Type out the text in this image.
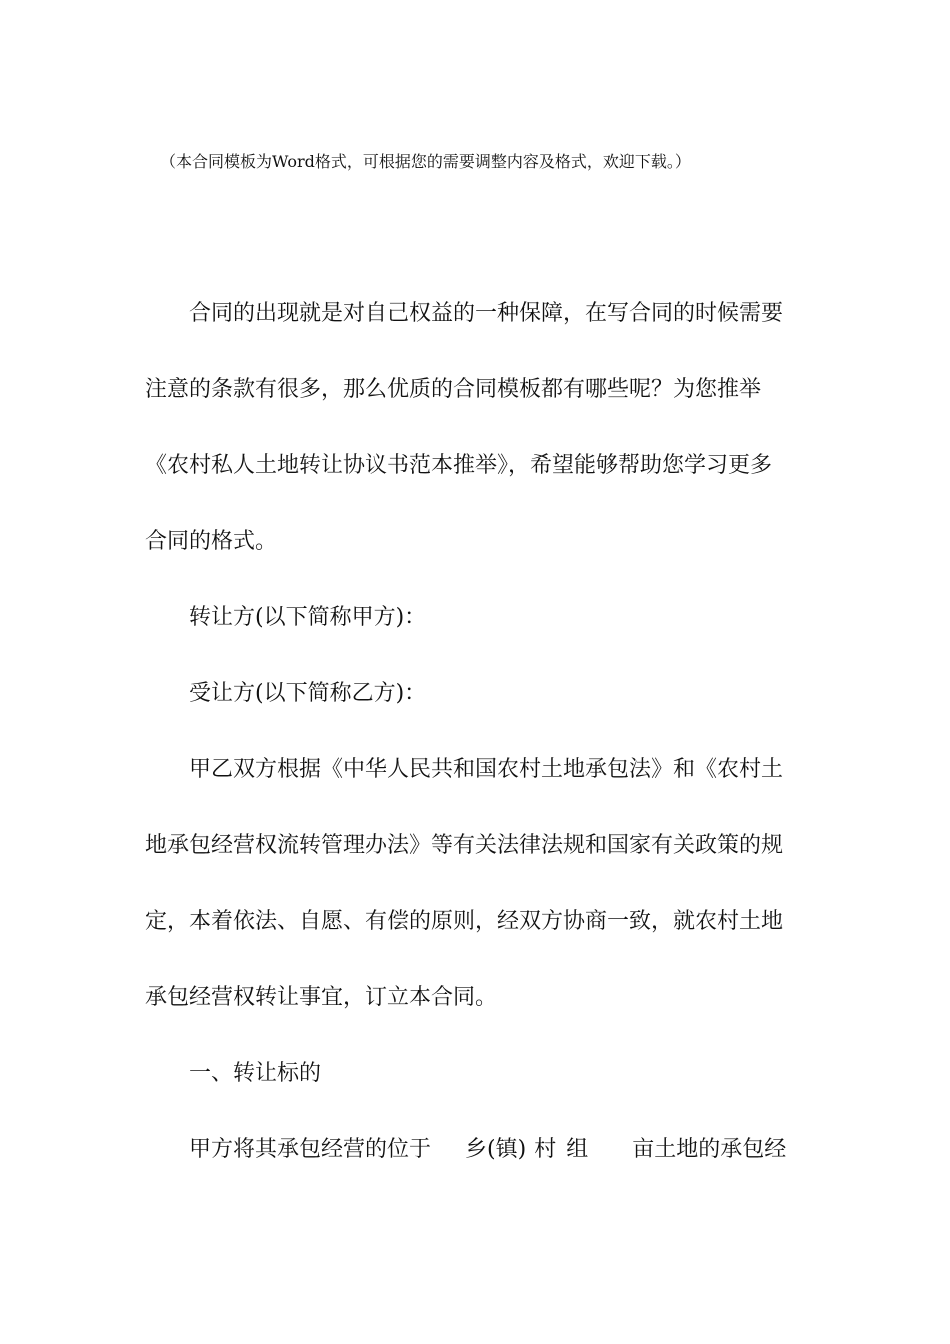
（本合同模板为Word格式，可根据您的需要调整内容及格式，欢迎下载。）
合同的出现就是对自己权益的一种保障，在写合同的时候需要
注意的条款有很多，那么优质的合同模板都有哪些呢？为您推举
《农村私人土地转让协议书范本推举》，希望能够帮助您学习更多
合同的格式。
转让方(以下简称甲方)：
受让方(以下简称乙方)：
甲乙双方根据《中华人民共和国农村土地承包法》和《农村土
地承包经营权流转管理办法》等有关法律法规和国家有关政策的规
定，本着依法、自愿、有偿的原则，经双方协商一致，就农村土地
承包经营权转让事宜，订立本合同。
一、转让标的
甲方将其承包经营的位于 乡(镇) 村 组 亩土地的承包经
